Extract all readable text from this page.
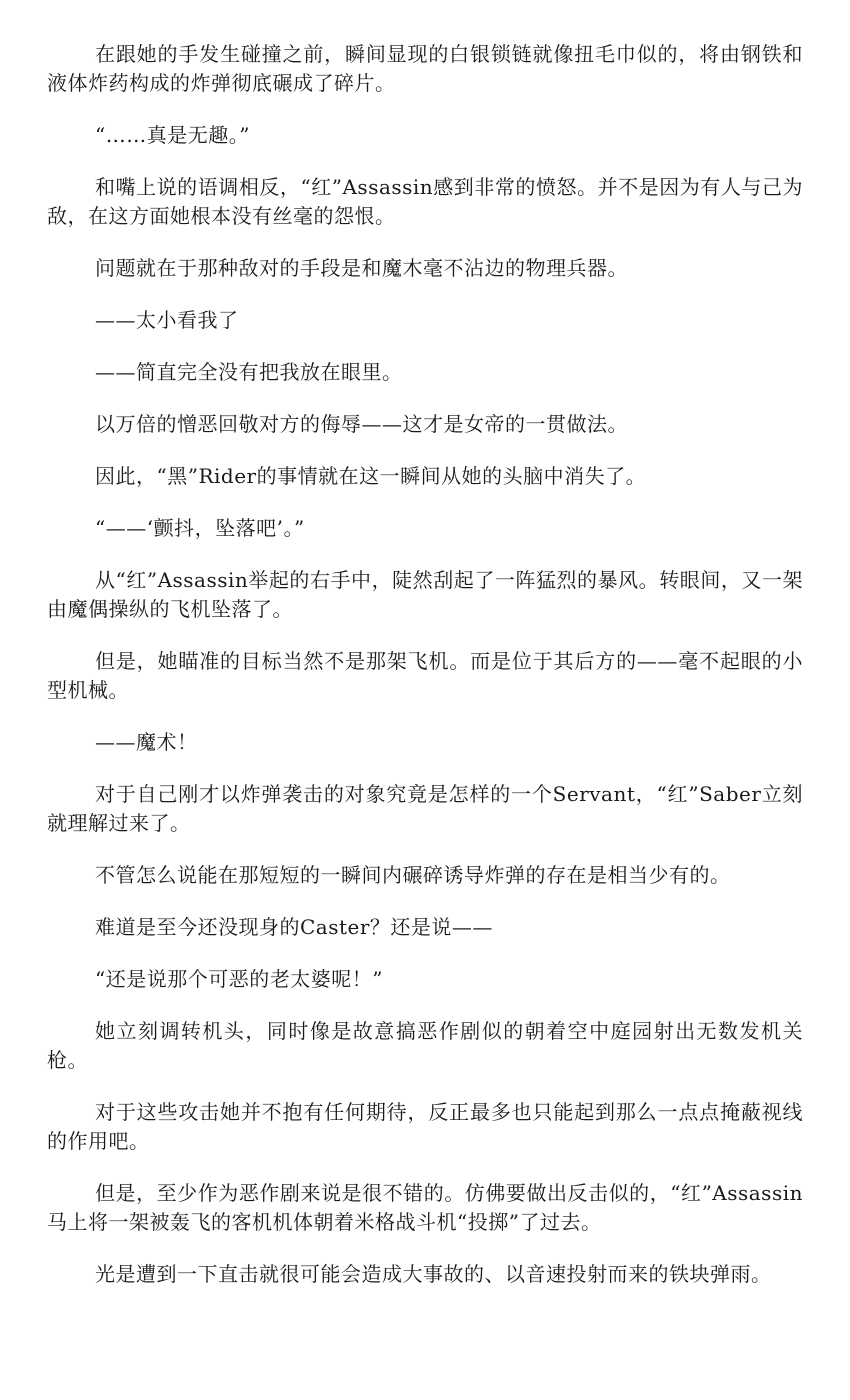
在跟她的手发生碰撞之前，瞬间显现的白银锁链就像扭毛巾似的，将由钢铁和液体炸药构成的炸弹彻底碾成了碎片。

“……真是无趣。”

和嘴上说的语调相反，“红”Assassin感到非常的愤怒。并不是因为有人与己为敌，在这方面她根本没有丝毫的怨恨。

问题就在于那种敌对的手段是和魔木毫不沾边的物理兵器。

——太小看我了

——简直完全没有把我放在眼里。

以万倍的憎恶回敬对方的侮辱——这才是女帝的一贯做法。

因此，“黑”Rider的事情就在这一瞬间从她的头脑中消失了。

“——‘颤抖，坠落吧’。”

从“红”Assassin举起的右手中，陡然刮起了一阵猛烈的暴风。转眼间，又一架由魔偶操纵的飞机坠落了。

但是，她瞄准的目标当然不是那架飞机。而是位于其后方的——毫不起眼的小型机械。

——魔术！

对于自己刚才以炸弹袭击的对象究竟是怎样的一个Servant，“红”Saber立刻就理解过来了。

不管怎么说能在那短短的一瞬间内碾碎诱导炸弹的存在是相当少有的。

难道是至今还没现身的Caster？还是说——

“还是说那个可恶的老太婆呢！”

她立刻调转机头，同时像是故意搞恶作剧似的朝着空中庭园射出无数发机关枪。

对于这些攻击她并不抱有任何期待，反正最多也只能起到那么一点点掩蔽视线的作用吧。

但是，至少作为恶作剧来说是很不错的。仿佛要做出反击似的，“红”Assassin马上将一架被轰飞的客机机体朝着米格战斗机“投掷”了过去。

光是遭到一下直击就很可能会造成大事故的、以音速投射而来的铁块弹雨。
